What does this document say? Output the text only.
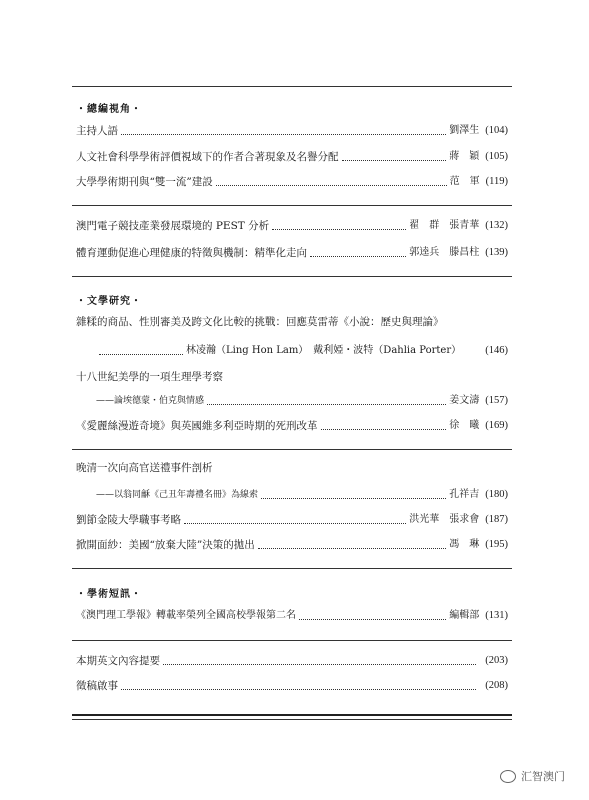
・總編視角・
主持人語	劉澤生 (104)
人文社會科學學術評價視域下的作者合著現象及名譽分配	蔣　穎 (105)
大學學術期刊與“雙一流”建設	范　軍 (119)
澳門電子競技產業發展環境的 PEST 分析	翟　群　張青華 (132)
體育運動促進心理健康的特徵與機制：精準化走向	郭逵兵　滕昌柱 (139)
・文學研究・
雜糅的商品、性別審美及跨文化比較的挑戰：回應莫雷蒂《小說：歷史與理論》
林凌瀚（Ling Hon Lam）　戴利婭・波特（Dahlia Porter）	(146)
十八世紀美學的一項生理學考察
——論埃德蒙・伯克與情感	姜文濤 (157)
《愛麗絲漫遊奇境》與英國維多利亞時期的死刑改革	徐　曦 (169)
晚清一次向高官送禮事件剖析
——以翁同龢《己丑年壽禮名冊》為線索	孔祥吉 (180)
劉節金陵大學職事考略	洪光華　張求會 (187)
掀開面紗：美國“放棄大陸”決策的拋出	馮　琳 (195)
・學術短訊・
《澳門理工學報》轉載率榮列全國高校學報第二名	編輯部 (131)
本期英文內容提要	(203)
徵稿啟事	(208)
汇智澳门
